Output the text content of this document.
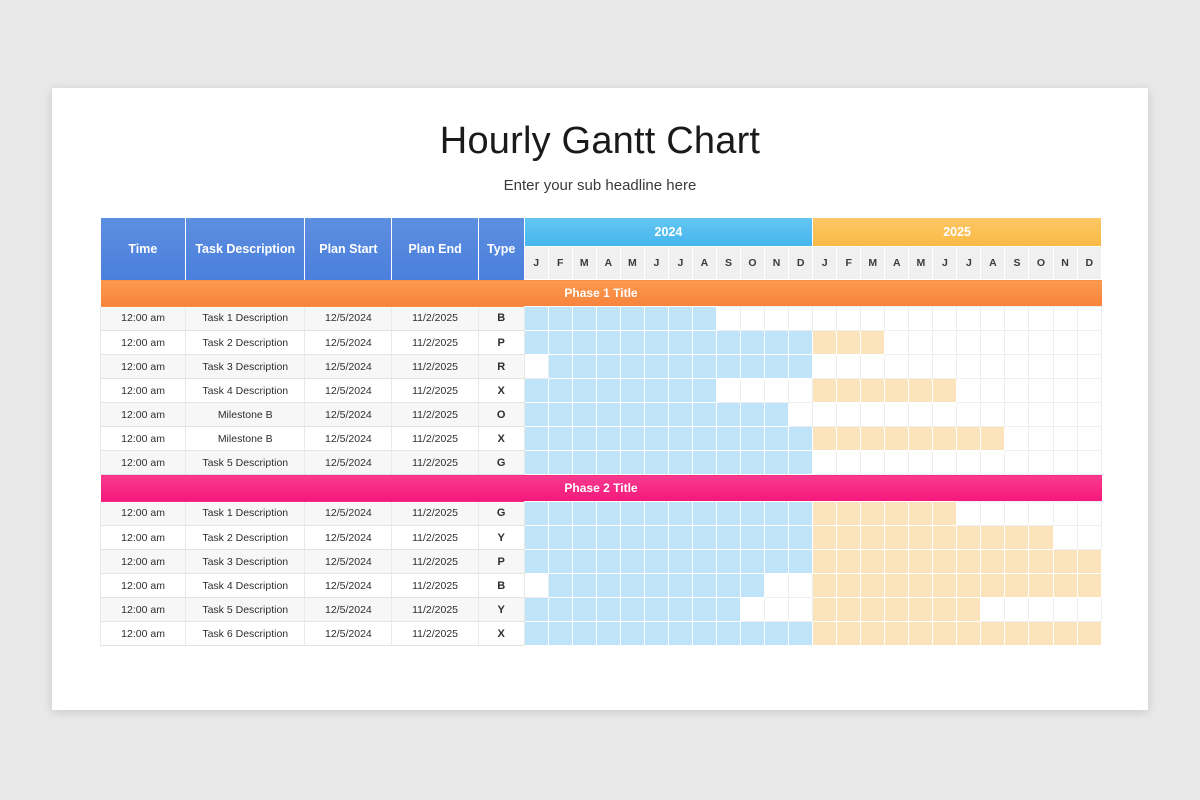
Hourly Gantt Chart

Enter your sub headline here

Time	Task Description	Plan Start	Plan End	Type	2024												2025											
					J	F	M	A	M	J	J	A	S	O	N	D	J	F	M	A	M	J	J	A	S	O	N	D
Phase 1 Title																												
12:00 am	Task 1 Description	12/5/2024	11/2/2025	B																								
12:00 am	Task 2 Description	12/5/2024	11/2/2025	P																								
12:00 am	Task 3 Description	12/5/2024	11/2/2025	R																								
12:00 am	Task 4 Description	12/5/2024	11/2/2025	X																								
12:00 am	Milestone B	12/5/2024	11/2/2025	O																								
12:00 am	Milestone B	12/5/2024	11/2/2025	X																								
12:00 am	Task 5 Description	12/5/2024	11/2/2025	G																								
Phase 2 Title																												
12:00 am	Task 1 Description	12/5/2024	11/2/2025	G																								
12:00 am	Task 2 Description	12/5/2024	11/2/2025	Y																								
12:00 am	Task 3 Description	12/5/2024	11/2/2025	P																								
12:00 am	Task 4 Description	12/5/2024	11/2/2025	B																								
12:00 am	Task 5 Description	12/5/2024	11/2/2025	Y																								
12:00 am	Task 6 Description	12/5/2024	11/2/2025	X																								
